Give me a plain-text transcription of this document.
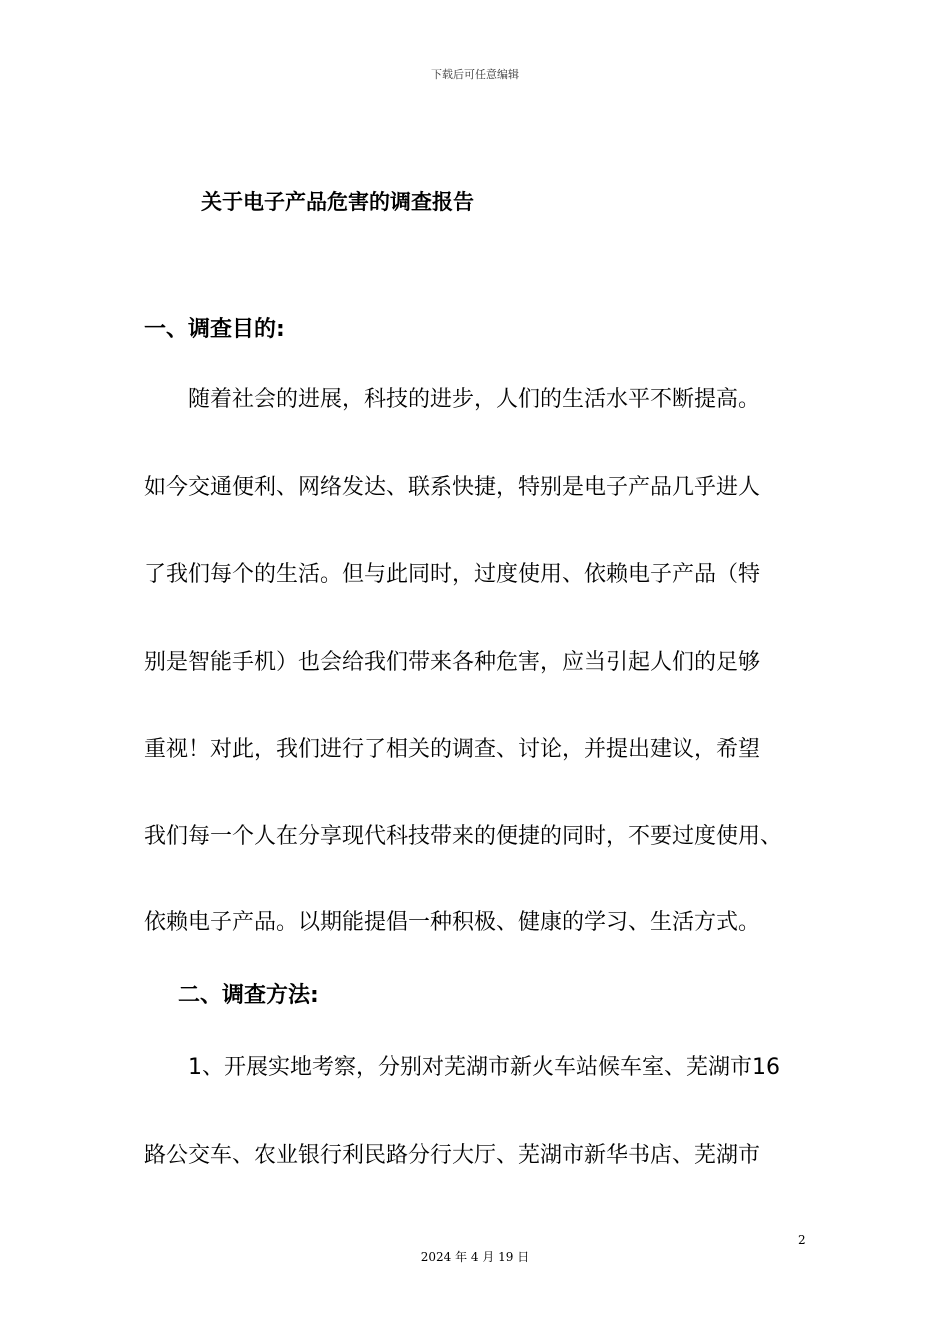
下载后可任意编辑
关于电子产品危害的调查报告
一、调查目的:
随着社会的进展，科技的进步，人们的生活水平不断提高。
如今交通便利、网络发达、联系快捷，特别是电子产品几乎进人
了我们每个的生活。但与此同时，过度使用、依赖电子产品（特
别是智能手机）也会给我们带来各种危害，应当引起人们的足够
重视！对此，我们进行了相关的调查、讨论，并提出建议，希望
我们每一个人在分享现代科技带来的便捷的同时，不要过度使用、
依赖电子产品。以期能提倡一种积极、健康的学习、生活方式。
二、调查方法:
1、开展实地考察，分别对芜湖市新火车站候车室、芜湖市16
路公交车、农业银行利民路分行大厅、芜湖市新华书店、芜湖市
2
2024 年 4 月 19 日
